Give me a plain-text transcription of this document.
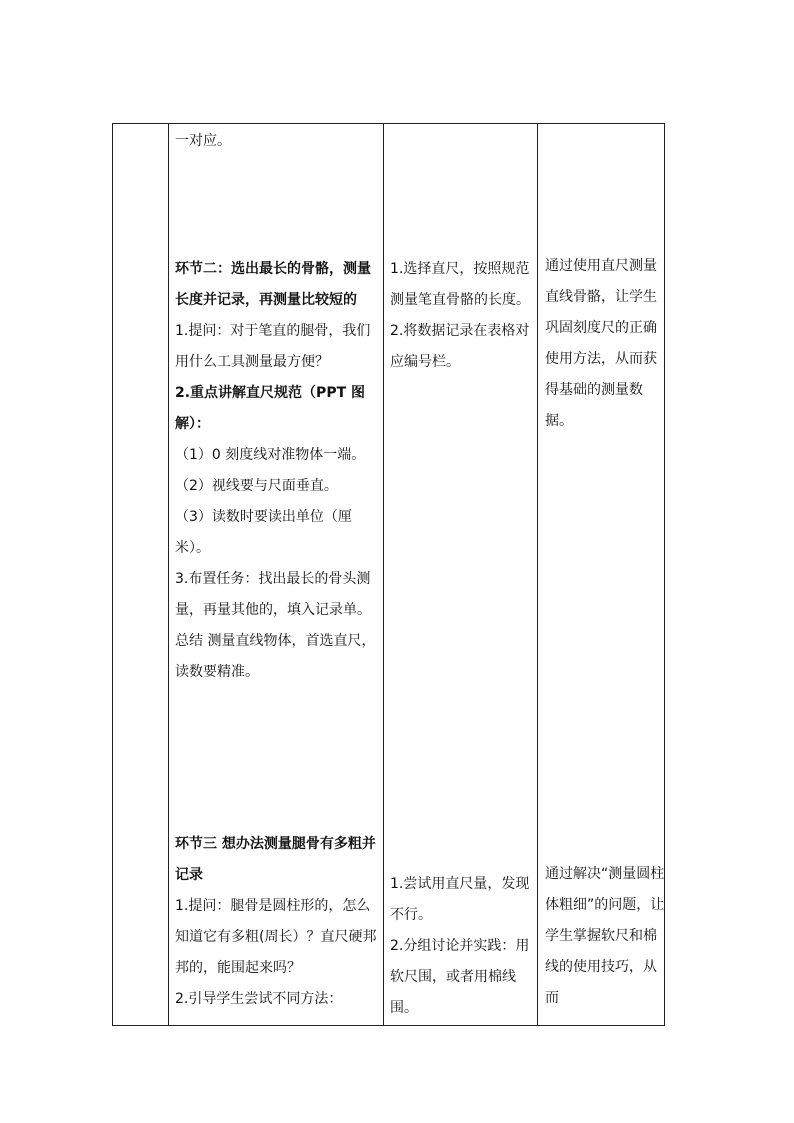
一对应。

环节二：选出最长的骨骼，测量长度并记录，再测量比较短的

1.提问：对于笔直的腿骨，我们用什么工具测量最方便？

2.重点讲解直尺规范（PPT 图解）：

（1）0 刻度线对准物体一端。

（2）视线要与尺面垂直。

（3）读数时要读出单位（厘米）。

3.布置任务：找出最长的骨头测量，再量其他的，填入记录单。

总结 测量直线物体，首选直尺，读数要精准。

环节三 想办法测量腿骨有多粗并记录

1.提问：腿骨是圆柱形的，怎么知道它有多粗(周长）？直尺硬邦邦的，能围起来吗？

2.引导学生尝试不同方法：

1.选择直尺，按照规范测量笔直骨骼的长度。

2.将数据记录在表格对应编号栏。

1.尝试用直尺量，发现不行。

2.分组讨论并实践：用软尺围，或者用棉线围。

通过使用直尺测量直线骨骼，让学生巩固刻度尺的正确使用方法，从而获得基础的测量数据。

通过解决“测量圆柱体粗细”的问题，让学生掌握软尺和棉线的使用技巧，从而
